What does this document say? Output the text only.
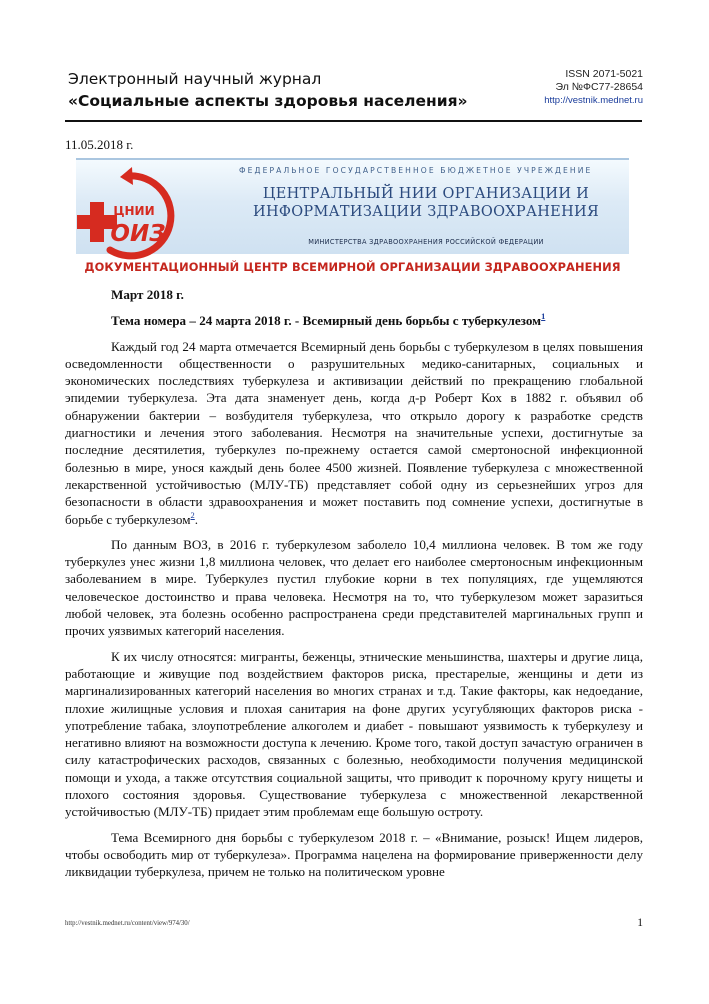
Электронный научный журнал
«Социальные аспекты здоровья населения»
ISSN 2071-5021
Эл №ФС77-28654
http://vestnik.mednet.ru
11.05.2018 г.
ЦНИИ
ОИЗ
ФЕДЕРАЛЬНОЕ ГОСУДАРСТВЕННОЕ БЮДЖЕТНОЕ УЧРЕЖДЕНИЕ
ЦЕНТРАЛЬНЫЙ НИИ ОРГАНИЗАЦИИ И
ИНФОРМАТИЗАЦИИ ЗДРАВООХРАНЕНИЯ
МИНИСТЕРСТВА ЗДРАВООХРАНЕНИЯ РОССИЙСКОЙ ФЕДЕРАЦИИ
ДОКУМЕНТАЦИОННЫЙ ЦЕНТР ВСЕМИРНОЙ ОРГАНИЗАЦИИ ЗДРАВООХРАНЕНИЯ

Март 2018 г.

Тема номера – 24 марта 2018 г. - Всемирный день борьбы с туберкулезом$^1$

Каждый год 24 марта отмечается Всемирный день борьбы с туберкулезом в целях повышения осведомленности общественности о разрушительных медико-санитарных, социальных и экономических последствиях туберкулеза и активизации действий по прекращению глобальной эпидемии туберкулеза. Эта дата знаменует день, когда д-р Роберт Кох в 1882 г. объявил об обнаружении бактерии – возбудителя туберкулеза, что открыло дорогу к разработке средств диагностики и лечения этого заболевания. Несмотря на значительные успехи, достигнутые за последние десятилетия, туберкулез по-прежнему остается самой смертоносной инфекционной болезнью в мире, унося каждый день более 4500 жизней. Появление туберкулеза с множественной лекарственной устойчивостью (МЛУ-ТБ) представляет собой одну из серьезнейших угроз для безопасности в области здравоохранения и может поставить под сомнение успехи, достигнутые в борьбе с туберкулезом$^2$.

По данным ВОЗ, в 2016 г. туберкулезом заболело 10,4 миллиона человек. В том же году туберкулез унес жизни 1,8 миллиона человек, что делает его наиболее смертоносным инфекционным заболеванием в мире. Туберкулез пустил глубокие корни в тех популяциях, где ущемляются человеческое достоинство и права человека. Несмотря на то, что туберкулезом может заразиться любой человек, эта болезнь особенно распространена среди представителей маргинальных групп и прочих уязвимых категорий населения.

К их числу относятся: мигранты, беженцы, этнические меньшинства, шахтеры и другие лица, работающие и живущие под воздействием факторов риска, престарелые, женщины и дети из маргинализированных категорий населения во многих странах и т.д. Такие факторы, как недоедание, плохие жилищные условия и плохая санитария на фоне других усугубляющих факторов риска - употребление табака, злоупотребление алкоголем и диабет - повышают уязвимость к туберкулезу и негативно влияют на возможности доступа к лечению. Кроме того, такой доступ зачастую ограничен в силу катастрофических расходов, связанных с болезнью, необходимости получения медицинской помощи и ухода, а также отсутствия социальной защиты, что приводит к порочному кругу нищеты и плохого состояния здоровья. Существование туберкулеза с множественной лекарственной устойчивостью (МЛУ-ТБ) придает этим проблемам еще большую остроту.

Тема Всемирного дня борьбы с туберкулезом 2018 г. – «Внимание, розыск! Ищем лидеров, чтобы освободить мир от туберкулеза». Программа нацелена на формирование приверженности делу ликвидации туберкулеза, причем не только на политическом уровне

http://vestnik.mednet.ru/content/view/974/30/	1
